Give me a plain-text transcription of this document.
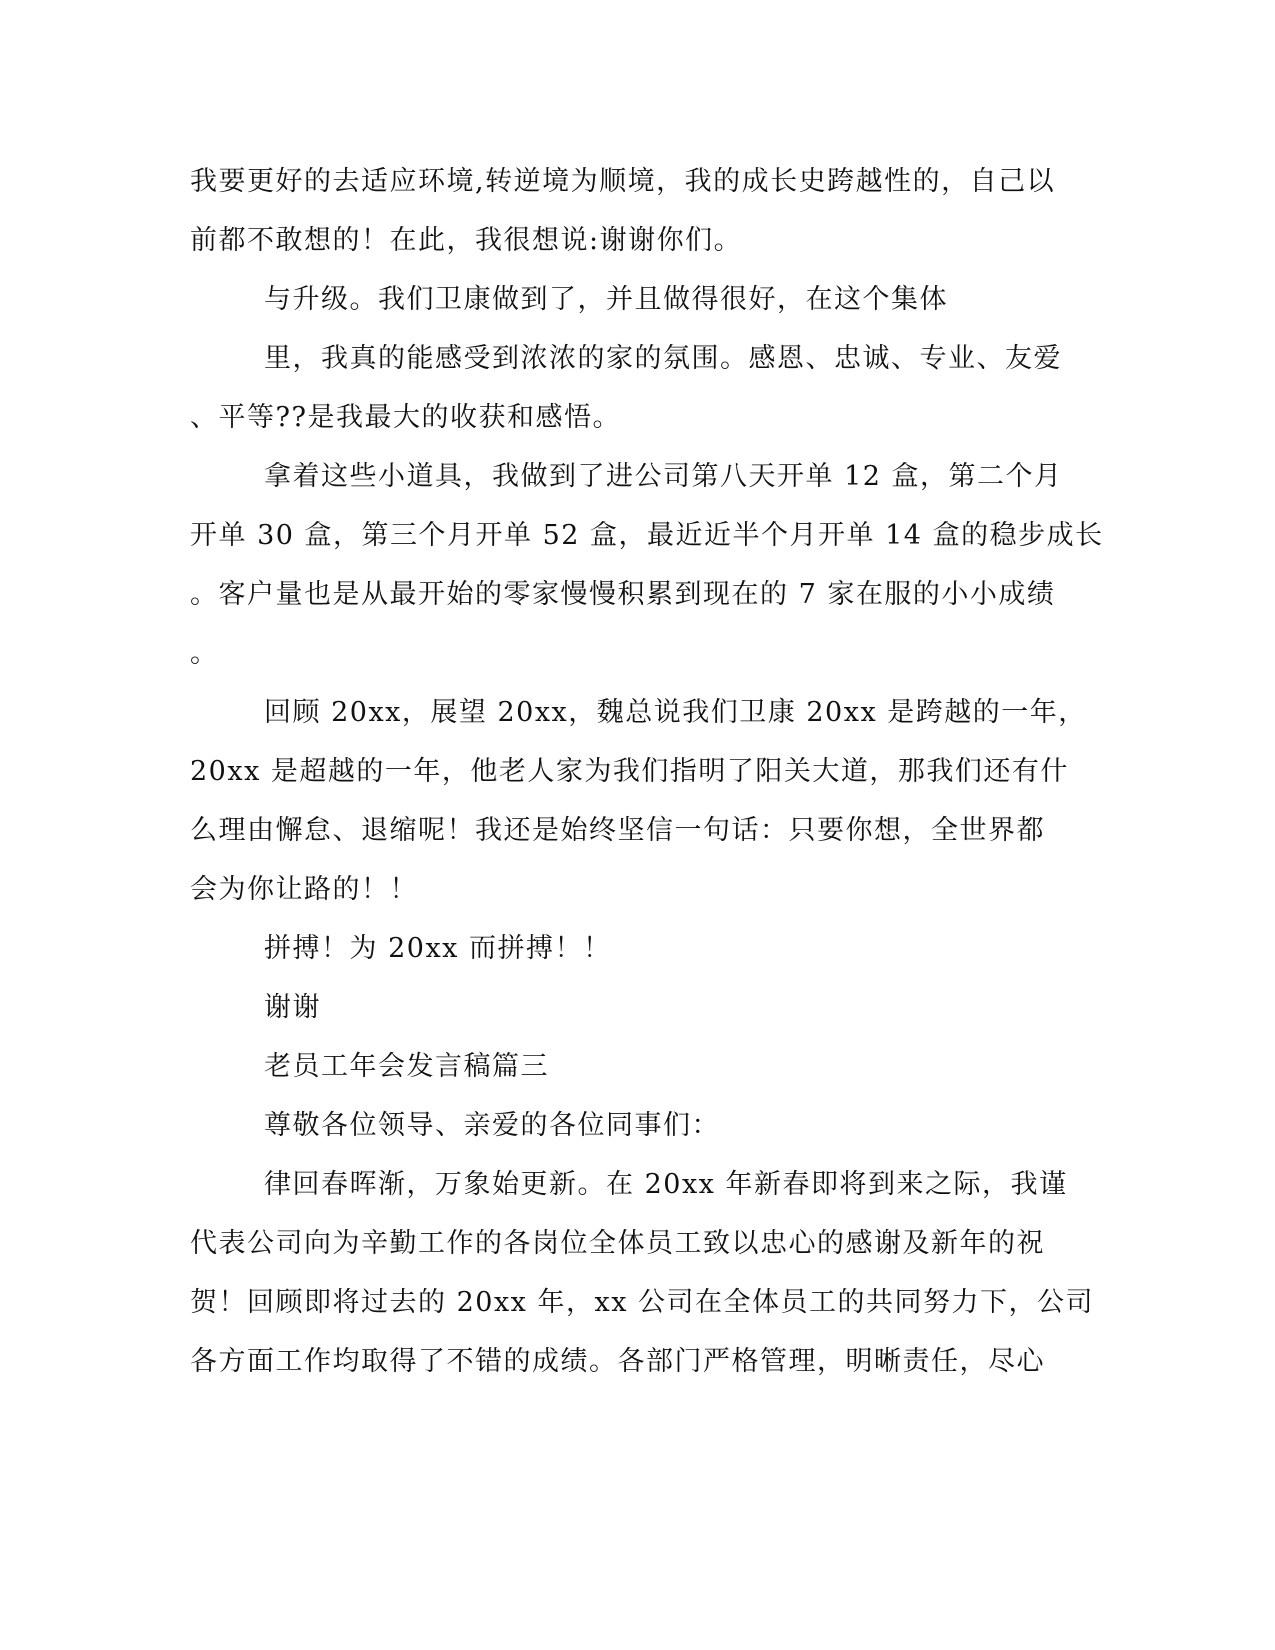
我要更好的去适应环境,转逆境为顺境，我的成长史跨越性的，自己以
前都不敢想的！在此，我很想说:谢谢你们。
与升级。我们卫康做到了，并且做得很好，在这个集体
里，我真的能感受到浓浓的家的氛围。感恩、忠诚、专业、友爱
、平等??是我最大的收获和感悟。
拿着这些小道具，我做到了进公司第八天开单 12 盒，第二个月
开单 30 盒，第三个月开单 52 盒，最近近半个月开单 14 盒的稳步成长
。客户量也是从最开始的零家慢慢积累到现在的 7 家在服的小小成绩
。
回顾 20xx，展望 20xx，魏总说我们卫康 20xx 是跨越的一年，
20xx 是超越的一年，他老人家为我们指明了阳关大道，那我们还有什
么理由懈怠、退缩呢！我还是始终坚信一句话：只要你想，全世界都
会为你让路的！！
拼搏！为 20xx 而拼搏！！
谢谢
老员工年会发言稿篇三
尊敬各位领导、亲爱的各位同事们：
律回春晖渐，万象始更新。在 20xx 年新春即将到来之际，我谨
代表公司向为辛勤工作的各岗位全体员工致以忠心的感谢及新年的祝
贺！回顾即将过去的 20xx 年，xx 公司在全体员工的共同努力下，公司
各方面工作均取得了不错的成绩。各部门严格管理，明晰责任，尽心
